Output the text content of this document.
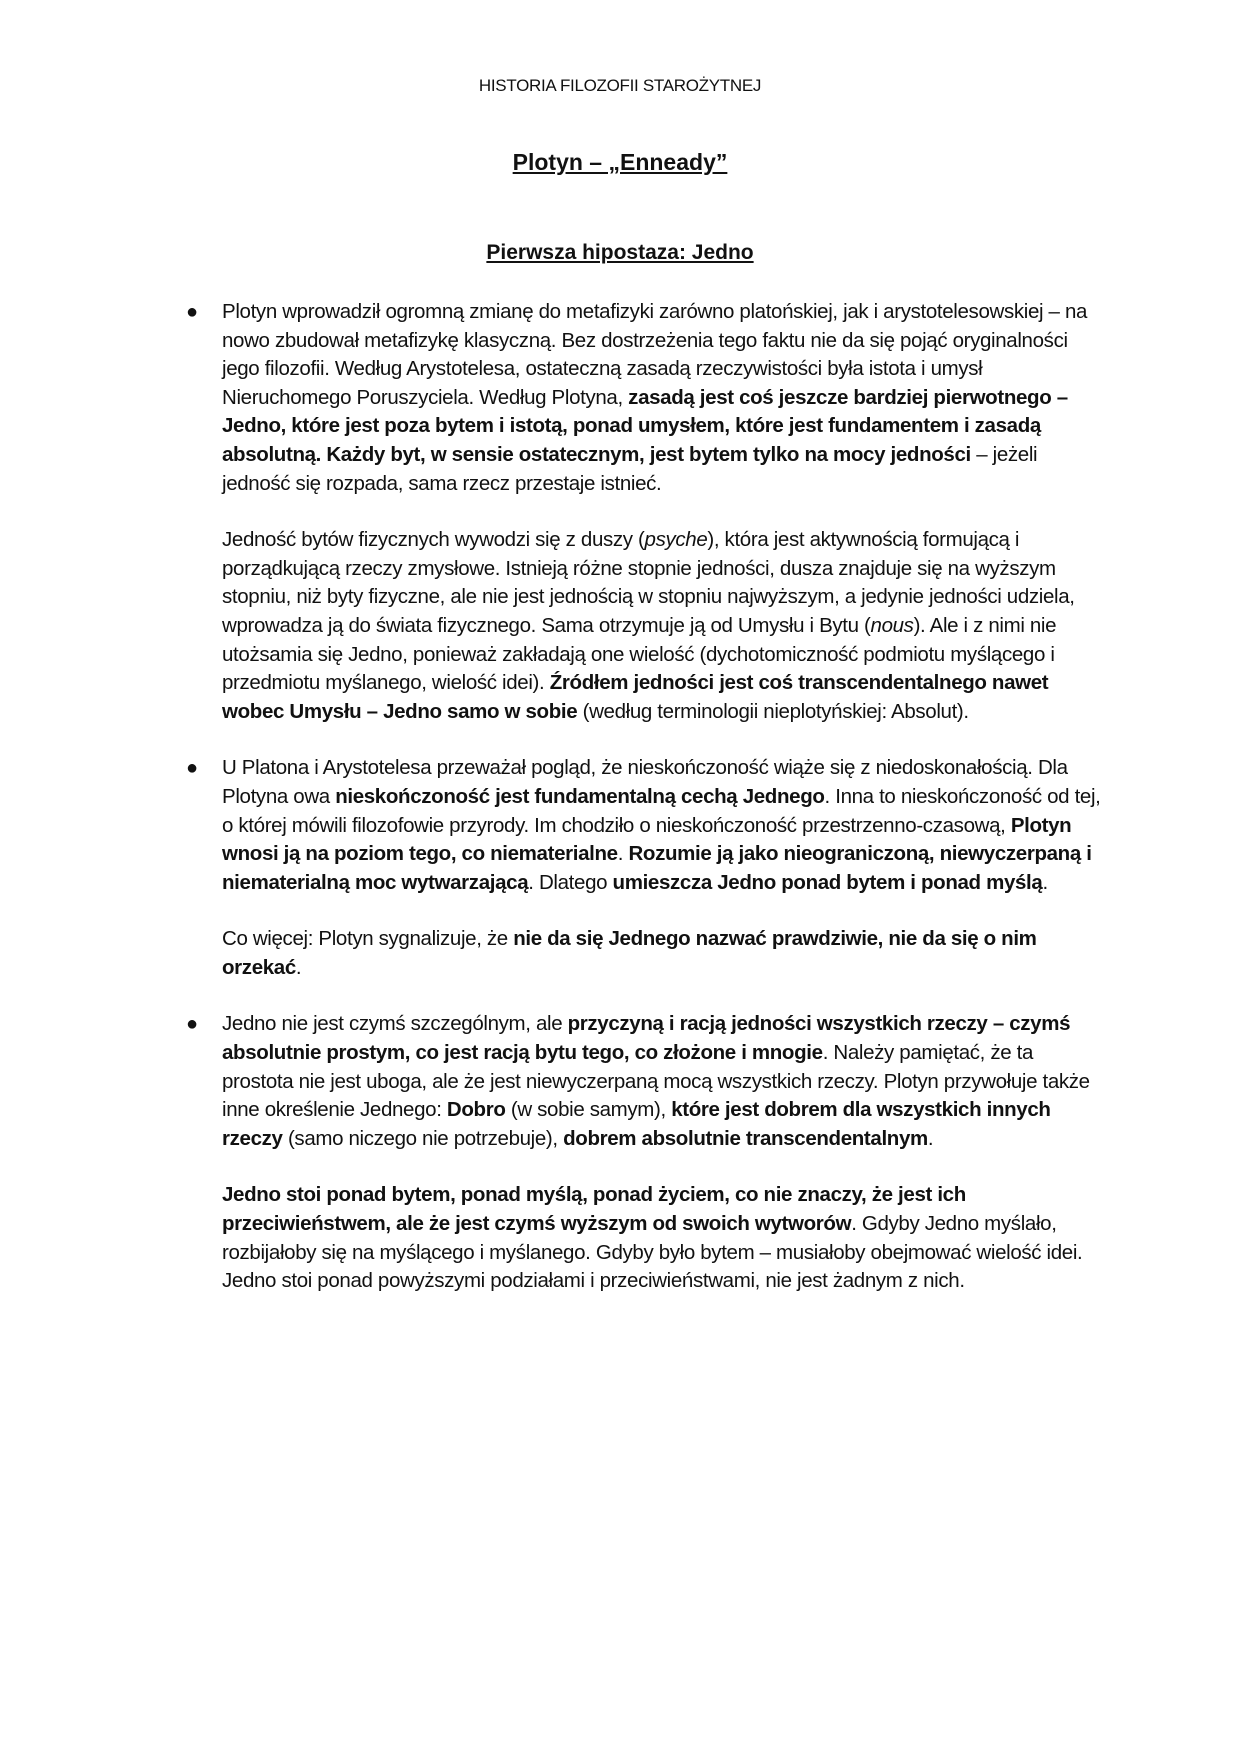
HISTORIA FILOZOFII STAROŻYTNEJ
Plotyn – „Enneady”
Pierwsza hipostaza: Jedno

● Plotyn wprowadził ogromną zmianę do metafizyki zarówno platońskiej, jak i arystotelesowskiej – na nowo zbudował metafizykę klasyczną. Bez dostrzeżenia tego faktu nie da się pojąć oryginalności jego filozofii. Według Arystotelesa, ostateczną zasadą rzeczywistości była istota i umysł Nieruchomego Poruszyciela. Według Plotyna, zasadą jest coś jeszcze bardziej pierwotnego – Jedno, które jest poza bytem i istotą, ponad umysłem, które jest fundamentem i zasadą absolutną. Każdy byt, w sensie ostatecznym, jest bytem tylko na mocy jedności – jeżeli jedność się rozpada, sama rzecz przestaje istnieć.

Jedność bytów fizycznych wywodzi się z duszy (psyche), która jest aktywnością formującą i porządkującą rzeczy zmysłowe. Istnieją różne stopnie jedności, dusza znajduje się na wyższym stopniu, niż byty fizyczne, ale nie jest jednością w stopniu najwyższym, a jedynie jedności udziela, wprowadza ją do świata fizycznego. Sama otrzymuje ją od Umysłu i Bytu (nous). Ale i z nimi nie utożsamia się Jedno, ponieważ zakładają one wielość (dychotomiczność podmiotu myślącego i przedmiotu myślanego, wielość idei). Źródłem jedności jest coś transcendentalnego nawet wobec Umysłu – Jedno samo w sobie (według terminologii nieplotyńskiej: Absolut).

● U Platona i Arystotelesa przeważał pogląd, że nieskończoność wiąże się z niedoskonałością. Dla Plotyna owa nieskończoność jest fundamentalną cechą Jednego. Inna to nieskończoność od tej, o której mówili filozofowie przyrody. Im chodziło o nieskończoność przestrzenno-czasową, Plotyn wnosi ją na poziom tego, co niematerialne. Rozumie ją jako nieograniczoną, niewyczerpaną i niematerialną moc wytwarzającą. Dlatego umieszcza Jedno ponad bytem i ponad myślą.

Co więcej: Plotyn sygnalizuje, że nie da się Jednego nazwać prawdziwie, nie da się o nim orzekać.

● Jedno nie jest czymś szczególnym, ale przyczyną i racją jedności wszystkich rzeczy – czymś absolutnie prostym, co jest racją bytu tego, co złożone i mnogie. Należy pamiętać, że ta prostota nie jest uboga, ale że jest niewyczerpaną mocą wszystkich rzeczy. Plotyn przywołuje także inne określenie Jednego: Dobro (w sobie samym), które jest dobrem dla wszystkich innych rzeczy (samo niczego nie potrzebuje), dobrem absolutnie transcendentalnym.

Jedno stoi ponad bytem, ponad myślą, ponad życiem, co nie znaczy, że jest ich przeciwieństwem, ale że jest czymś wyższym od swoich wytworów. Gdyby Jedno myślało, rozbijałoby się na myślącego i myślanego. Gdyby było bytem – musiałoby obejmować wielość idei. Jedno stoi ponad powyższymi podziałami i przeciwieństwami, nie jest żadnym z nich.
